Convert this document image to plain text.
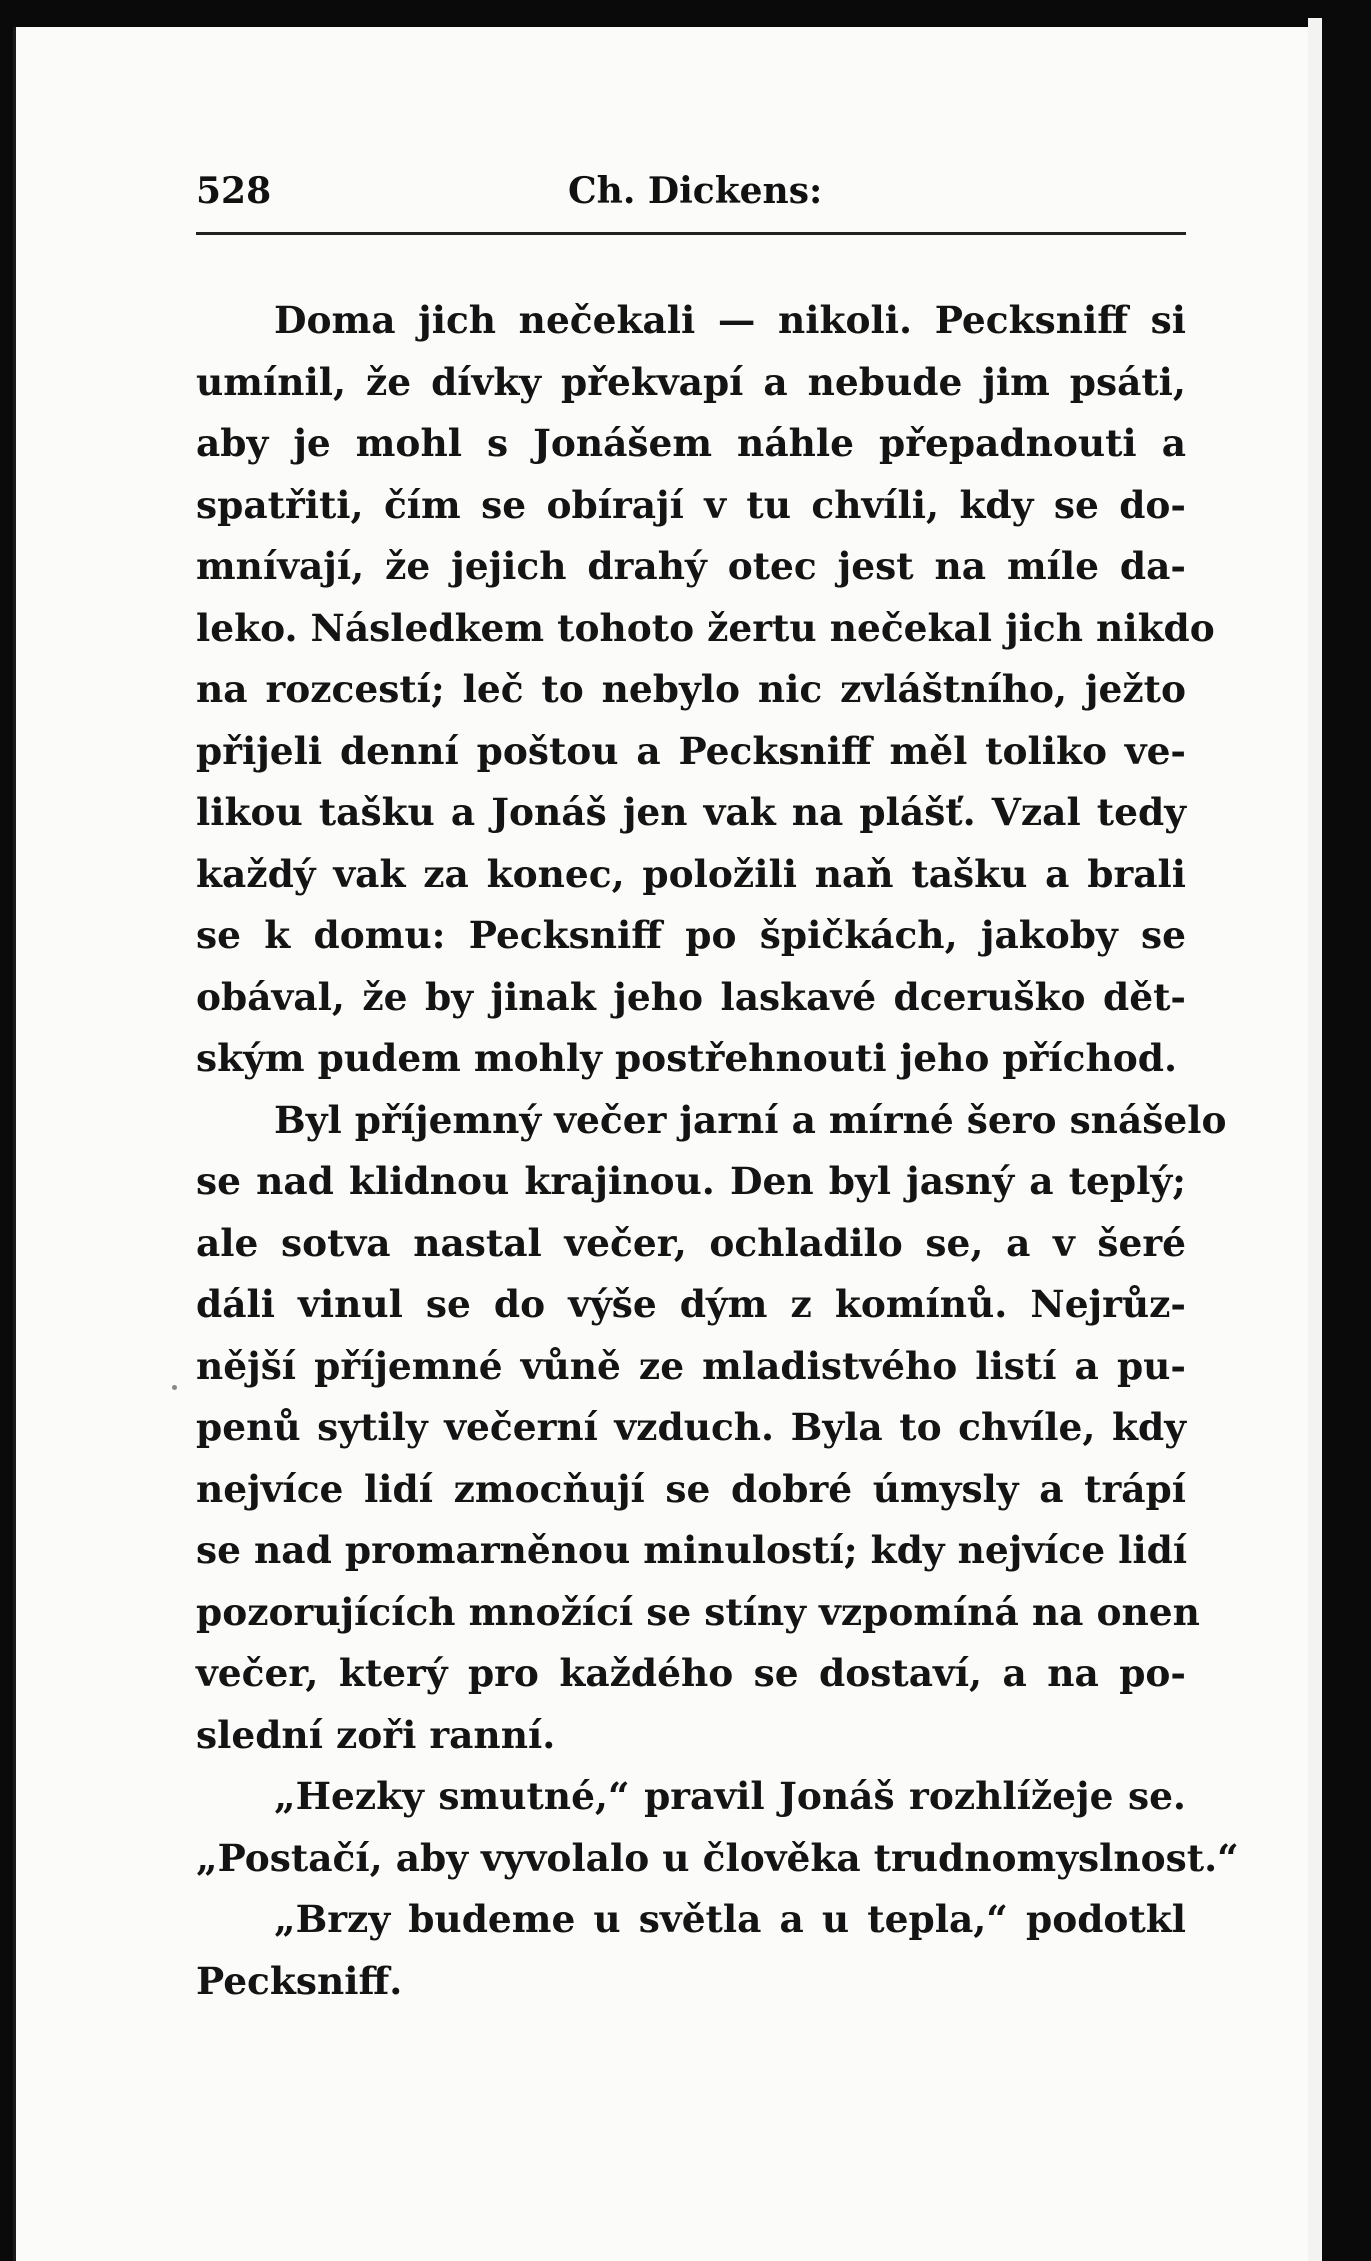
528	Ch. Dickens:
Doma jich nečekali — nikoli. Pecksniff si
umínil, že dívky překvapí a nebude jim psáti,
aby je mohl s Jonášem náhle přepadnouti a
spatřiti, čím se obírají v tu chvíli, kdy se do-
mnívají, že jejich drahý otec jest na míle da-
leko. Následkem tohoto žertu nečekal jich nikdo
na rozcestí; leč to nebylo nic zvláštního, ježto
přijeli denní poštou a Pecksniff měl toliko ve-
likou tašku a Jonáš jen vak na plášť. Vzal tedy
každý vak za konec, položili naň tašku a brali
se k domu: Pecksniff po špičkách, jakoby se
obával, že by jinak jeho laskavé dceruško dět-
ským pudem mohly postřehnouti jeho příchod.
Byl příjemný večer jarní a mírné šero snášelo
se nad klidnou krajinou. Den byl jasný a teplý;
ale sotva nastal večer, ochladilo se, a v šeré
dáli vinul se do výše dým z komínů. Nejrůz-
nější příjemné vůně ze mladistvého listí a pu-
penů sytily večerní vzduch. Byla to chvíle, kdy
nejvíce lidí zmocňují se dobré úmysly a trápí
se nad promarněnou minulostí; kdy nejvíce lidí
pozorujících množící se stíny vzpomíná na onen
večer, který pro každého se dostaví, a na po-
slední zoři ranní.
„Hezky smutné,“ pravil Jonáš rozhlížeje se.
„Postačí, aby vyvolalo u člověka trudnomyslnost.“
„Brzy budeme u světla a u tepla,“ podotkl
Pecksniff.
